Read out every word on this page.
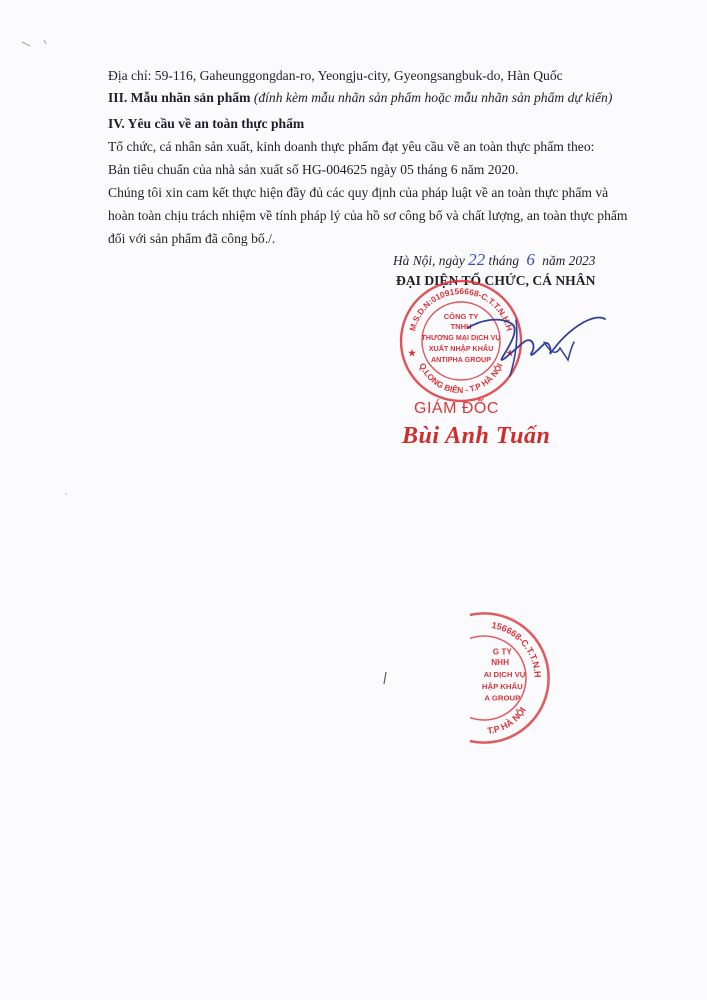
Địa chỉ: 59-116, Gaheunggongdan-ro, Yeongju-city, Gyeongsangbuk-do, Hàn Quốc
III. Mẫu nhãn sản phẩm (đính kèm mẫu nhãn sản phẩm hoặc mẫu nhãn sản phẩm dự kiến)
IV. Yêu cầu về an toàn thực phẩm
Tổ chức, cá nhân sản xuất, kinh doanh thực phẩm đạt yêu cầu về an toàn thực phẩm theo:
Bản tiêu chuẩn của nhà sản xuất số HG-004625 ngày 05 tháng 6 năm 2020.
Chúng tôi xin cam kết thực hiện đầy đủ các quy định của pháp luật về an toàn thực phẩm và
hoàn toàn chịu trách nhiệm về tính pháp lý của hồ sơ công bố và chất lượng, an toàn thực phẩm
đối với sản phẩm đã công bố./.
Hà Nội, ngày 22 tháng 6 năm 2023
ĐẠI DIỆN TỔ CHỨC, CÁ NHÂN
M.S.D.N:0109156668-C.T.T.N.H.H
Q.LONG BIÊN - T.P HÀ NỘI
★	★
CÔNG TY
TNHH
THƯƠNG MẠI DỊCH VỤ
XUẤT NHẬP KHẨU
ANTIPHA GROUP
GIÁM ĐỐC
Bùi Anh Tuấn
156668-C.T.T.N.H.H
T.P HÀ NỘI
G TY
NHH
AI DỊCH VỤ
HẬP KHẨU
A GROUP
